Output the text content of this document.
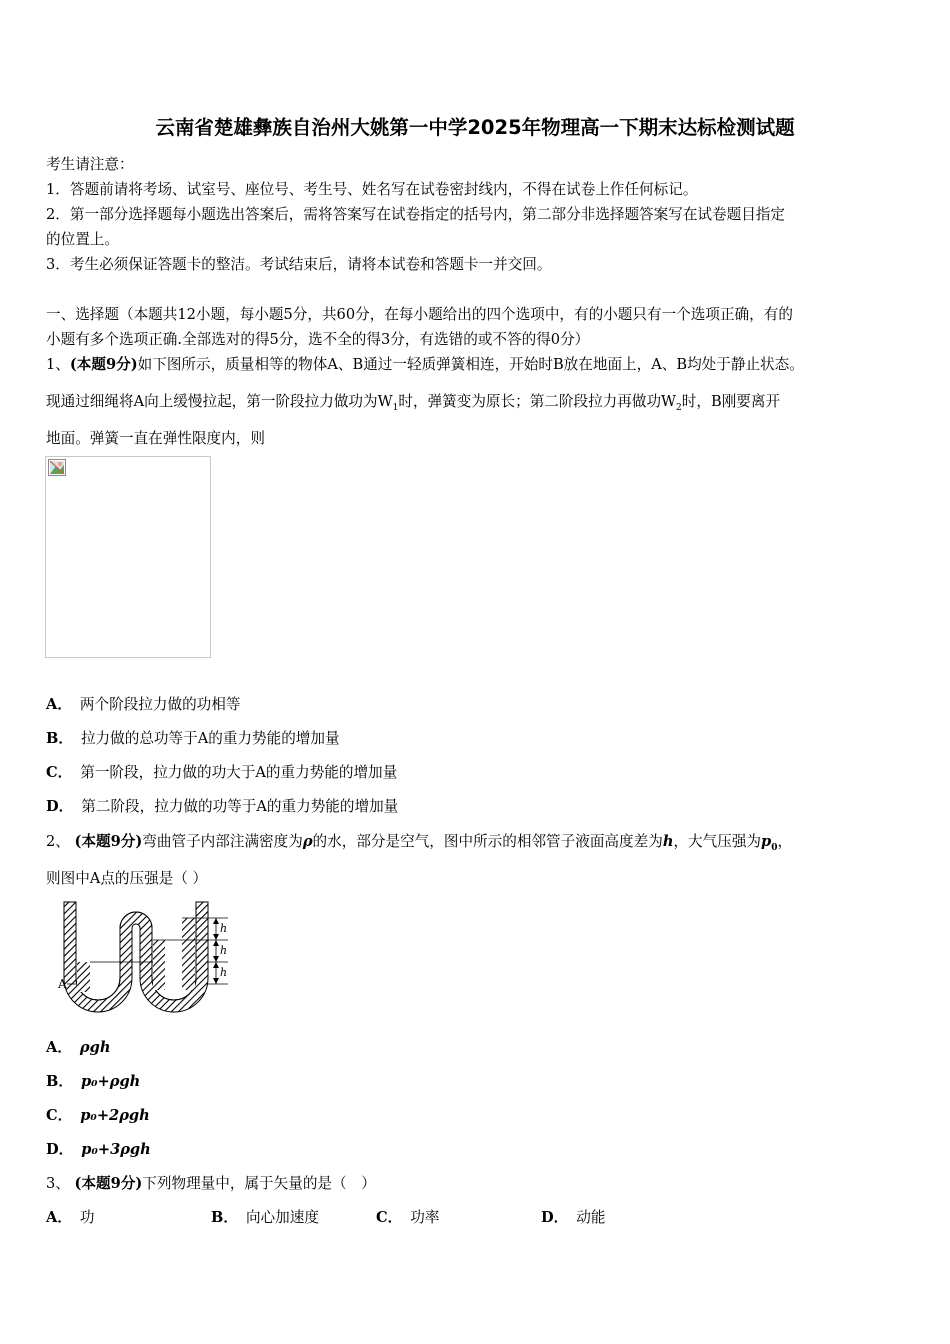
云南省楚雄彝族自治州大姚第一中学2025年物理高一下期末达标检测试题
考生请注意：
1．答题前请将考场、试室号、座位号、考生号、姓名写在试卷密封线内，不得在试卷上作任何标记。
2．第一部分选择题每小题选出答案后，需将答案写在试卷指定的括号内，第二部分非选择题答案写在试卷题目指定
的位置上。
3．考生必须保证答题卡的整洁。考试结束后，请将本试卷和答题卡一并交回。
一、选择题（本题共12小题，每小题5分，共60分，在每小题给出的四个选项中，有的小题只有一个选项正确，有的
小题有多个选项正确.全部选对的得5分，选不全的得3分，有选错的或不答的得0分）
1、(本题9分)如下图所示，质量相等的物体A、B通过一轻质弹簧相连，开始时B放在地面上，A、B均处于静止状态。
现通过细绳将A向上缓慢拉起，第一阶段拉力做功为$W_1$时，弹簧变为原长；第二阶段拉力再做功$W_2$时，B刚要离开
地面。弹簧一直在弹性限度内，则
A． 两个阶段拉力做的功相等
B． 拉力做的总功等于A的重力势能的增加量
C． 第一阶段，拉力做的功大于A的重力势能的增加量
D． 第二阶段，拉力做的功等于A的重力势能的增加量
2、 (本题9分)弯曲管子内部注满密度为ρ的水，部分是空气，图中所示的相邻管子液面高度差为h，大气压强为$p_0$，
则图中A点的压强是（ ）
h
h
h
A
A． ρgh
B． p₀+ρgh
C． p₀+2ρgh
D． p₀+3ρgh
3、 (本题9分)下列物理量中，属于矢量的是（　）
A． 功	B． 向心加速度	C． 功率	D． 动能
